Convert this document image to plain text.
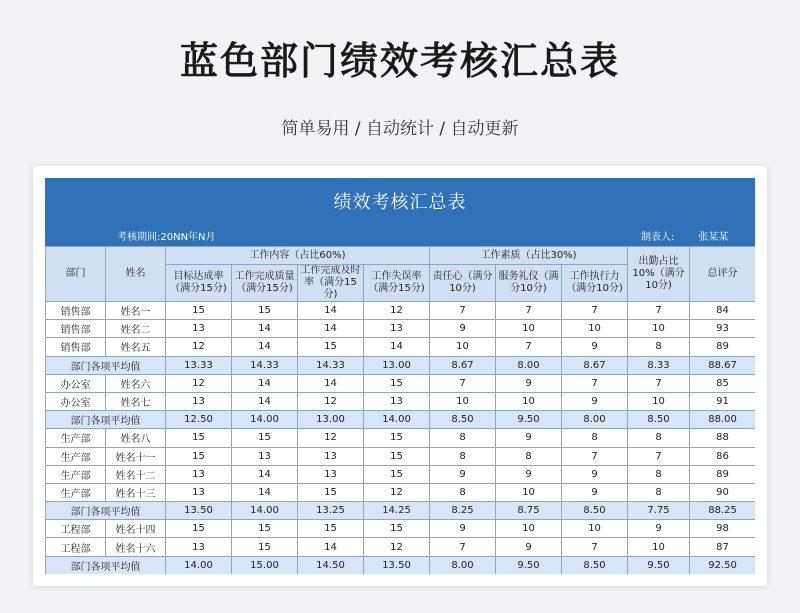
蓝色部门绩效考核汇总表
简单易用 / 自动统计 / 自动更新
绩效考核汇总表
考核期间:20NN年N月	制表人: 张某某
部门	姓名	工作内容（占比60%)				工作素质（占比30%)			出勤占比10%（满分10分)	总评分
		目标达成率（满分15分)	工作完成质量（满分15分)	工作完成及时率（满分15分)	工作失误率（满分15分)	责任心（满分10分)	服务礼仪（满分10分)	工作执行力（满分10分)		
销售部	姓名一	15	15	14	12	7	7	7	7	84
销售部	姓名二	13	14	14	13	9	10	10	10	93
销售部	姓名五	12	14	15	14	10	7	9	8	89
部门各项平均值		13.33	14.33	14.33	13.00	8.67	8.00	8.67	8.33	88.67
办公室	姓名六	12	14	14	15	7	9	7	7	85
办公室	姓名七	13	14	12	13	10	10	9	10	91
部门各项平均值		12.50	14.00	13.00	14.00	8.50	9.50	8.00	8.50	88.00
生产部	姓名八	15	15	12	15	8	9	8	8	88
生产部	姓名十一	15	13	13	15	8	8	7	7	86
生产部	姓名十二	13	14	13	15	9	9	9	8	89
生产部	姓名十三	13	14	15	12	8	10	9	8	90
部门各项平均值		13.50	14.00	13.25	14.25	8.25	8.75	8.50	7.75	88.25
工程部	姓名十四	15	15	15	15	9	10	10	9	98
工程部	姓名十六	13	15	14	12	7	9	7	10	87
部门各项平均值		14.00	15.00	14.50	13.50	8.00	9.50	8.50	9.50	92.50
